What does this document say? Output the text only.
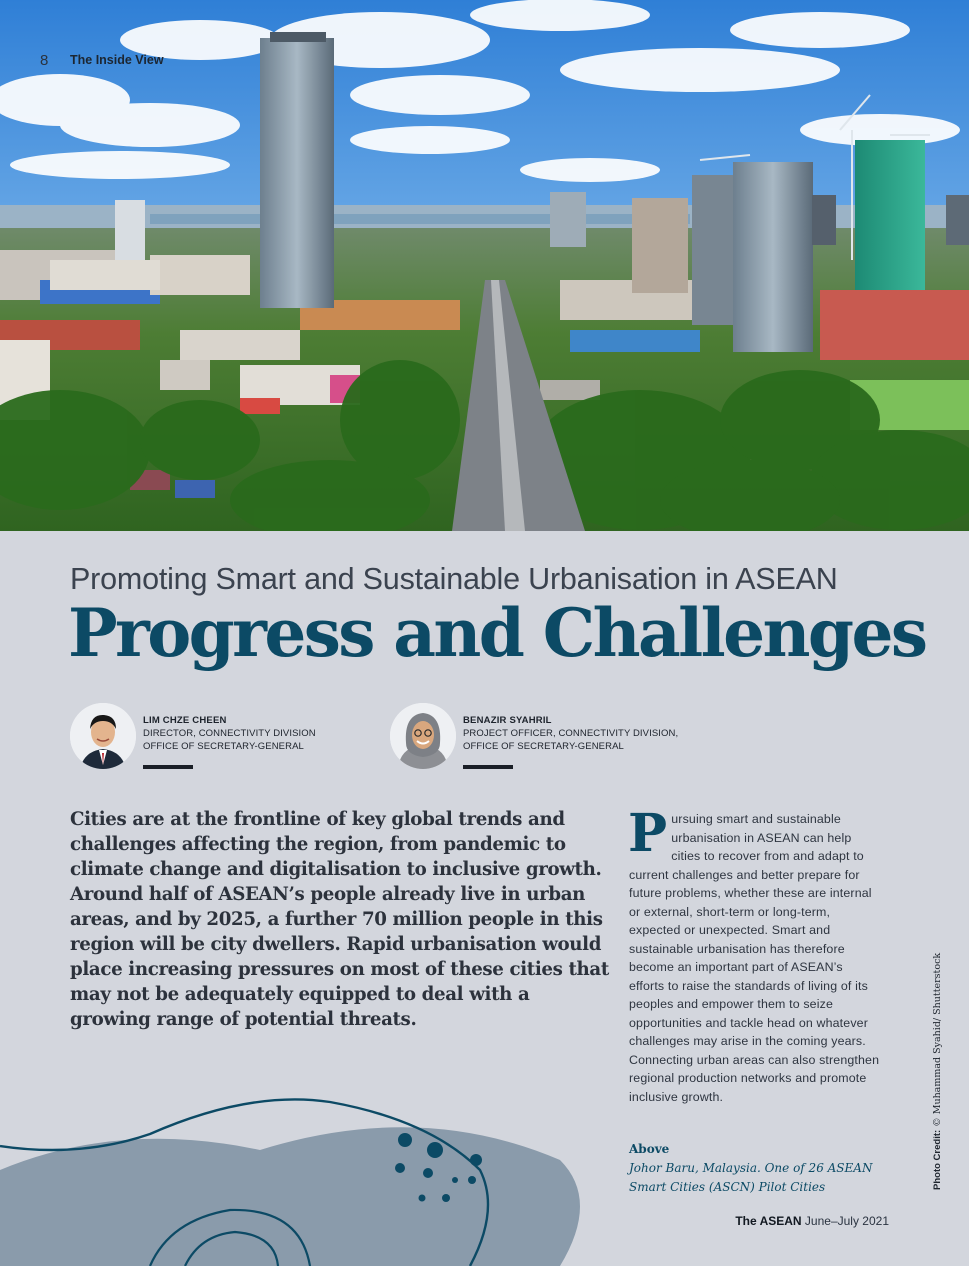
8 The Inside View
Promoting Smart and Sustainable Urbanisation in ASEAN
Progress and Challenges
LIM CHZE CHEEN
DIRECTOR, CONNECTIVITY DIVISION
OFFICE OF SECRETARY-GENERAL
BENAZIR SYAHRIL
PROJECT OFFICER, CONNECTIVITY DIVISION,
OFFICE OF SECRETARY-GENERAL

Cities are at the frontline of key global trends and challenges affecting the region, from pandemic to climate change and digitalisation to inclusive growth. Around half of ASEAN’s people already live in urban areas, and by 2025, a further 70 million people in this region will be city dwellers. Rapid urbanisation would place increasing pressures on most of these cities that may not be adequately equipped to deal with a growing range of potential threats.

Pursuing smart and sustainable urbanisation in ASEAN can help cities to recover from and adapt to current challenges and better prepare for future problems, whether these are internal or external, short-term or long-term, expected or unexpected. Smart and sustainable urbanisation has therefore become an important part of ASEAN’s efforts to raise the standards of living of its peoples and empower them to seize opportunities and tackle head on whatever challenges may arise in the coming years. Connecting urban areas can also strengthen regional production networks and promote inclusive growth.
Above
Johor Baru, Malaysia. One of 26 ASEAN
Smart Cities (ASCN) Pilot Cities	Photo Credit: © Muhammad Syahid/ Shutterstock
The ASEAN June–July 2021
